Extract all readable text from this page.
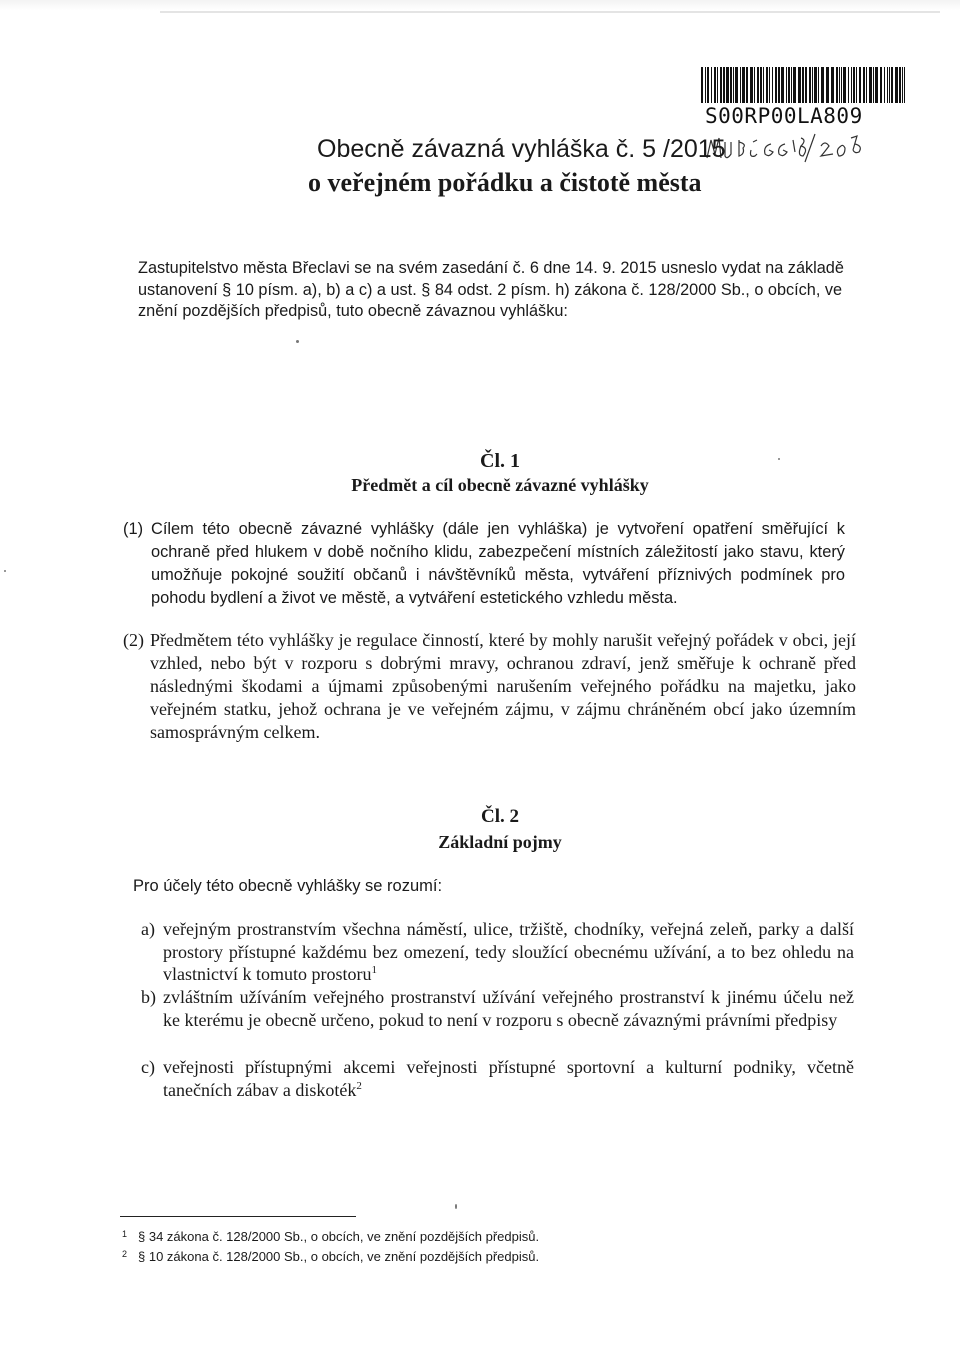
S00RP00LA809
Obecně závazná vyhláška č. 5 /2015
o veřejném pořádku a čistotě města
Zastupitelstvo města Břeclavi se na svém zasedání č. 6 dne 14. 9. 2015 usneslo vydat na základě ustanovení § 10 písm. a), b) a c) a ust. § 84 odst. 2 písm. h) zákona č. 128/2000 Sb., o obcích, ve znění pozdějších předpisů, tuto obecně závaznou vyhlášku:
Čl. 1
Předmět a cíl obecně závazné vyhlášky
(1) Cílem této obecně závazné vyhlášky (dále jen vyhláška) je vytvoření opatření směřující k ochraně před hlukem v době nočního klidu, zabezpečení místních záležitostí jako stavu, který umožňuje pokojné soužití občanů i návštěvníků města, vytváření příznivých podmínek pro pohodu bydlení a život ve městě, a vytváření estetického vzhledu města.
(2) Předmětem této vyhlášky je regulace činností, které by mohly narušit veřejný pořádek v obci, její vzhled, nebo být v rozporu s dobrými mravy, ochranou zdraví, jenž směřuje k ochraně před následnými škodami a újmami způsobenými narušením veřejného pořádku na majetku, jako veřejném statku, jehož ochrana je ve veřejném zájmu, v zájmu chráněném obcí jako územním samosprávným celkem.
Čl. 2
Základní pojmy
Pro účely této obecně vyhlášky se rozumí:
a) veřejným prostranstvím všechna náměstí, ulice, tržiště, chodníky, veřejná zeleň, parky a další prostory přístupné každému bez omezení, tedy sloužící obecnému užívání, a to bez ohledu na vlastnictví k tomuto prostoru$^1$
b) zvláštním užíváním veřejného prostranství užívání veřejného prostranství k jinému účelu než ke kterému je obecně určeno, pokud to není v rozporu s obecně závaznými právními předpisy
c) veřejnosti přístupnými akcemi veřejnosti přístupné sportovní a kulturní podniky, včetně tanečních zábav a diskoték$^2$
1 § 34 zákona č. 128/2000 Sb., o obcích, ve znění pozdějších předpisů.
2 § 10 zákona č. 128/2000 Sb., o obcích, ve znění pozdějších předpisů.
